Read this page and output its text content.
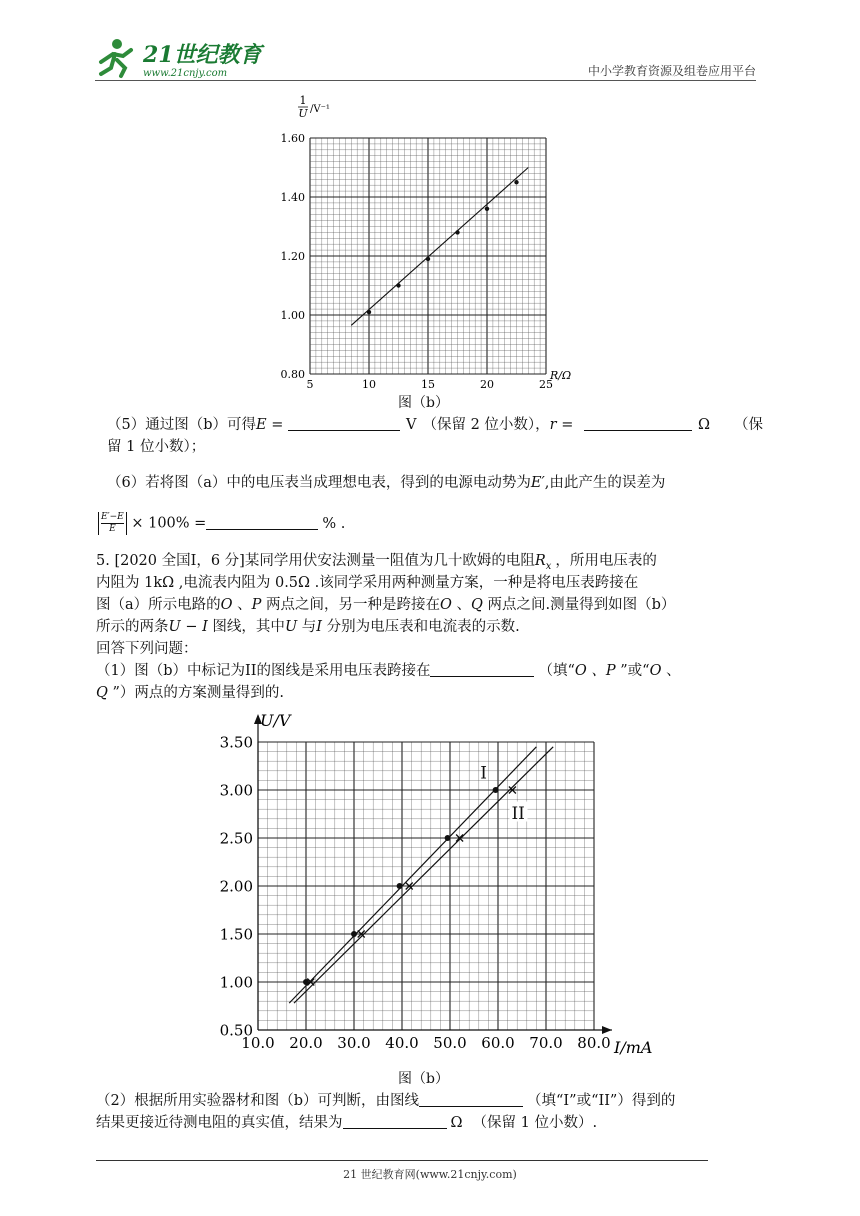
21世纪教育
www.21cnjy.com	中小学教育资源及组卷应用平台
1
U /V⁻¹
5	10	15	20	25
0.80
1.00
1.20
1.40
1.60
R/Ω
图（b）
（5）通过图（b）可得E =	V （保留 2 位小数），r =	Ω （保
留 1 位小数）；
（6）若将图（a）中的电压表当成理想电表，得到的电源电动势为E′,由此产生的误差为
$\frac{E'-E}{E} \times 100\%$ =	% .
5. [2020 全国Ⅰ，6 分]某同学用伏安法测量一阻值为几十欧姆的电阻$R_x$ ，所用电压表的
内阻为 1kΩ ,电流表内阻为 0.5Ω .该同学采用两种测量方案，一种是将电压表跨接在
图（a）所示电路的O 、P 两点之间，另一种是跨接在O 、Q 两点之间.测量得到如图（b）
所示的两条U − I 图线，其中U 与I 分别为电压表和电流表的示数.
回答下列问题：
（1）图（b）中标记为II的图线是采用电压表跨接在	（填“O 、P ”或“O 、
Q ”）两点的方案测量得到的.
10.0 20.0 30.0 40.0 50.0 60.0 70.0 80.0
0.50
1.00
1.50
2.00
2.50
3.00
3.50
I
II
U/V
I/mA
图（b）
（2）根据所用实验器材和图（b）可判断，由图线	（填“I”或“II”）得到的
结果更接近待测电阻的真实值，结果为	Ω （保留 1 位小数）.
21 世纪教育网(www.21cnjy.com)
